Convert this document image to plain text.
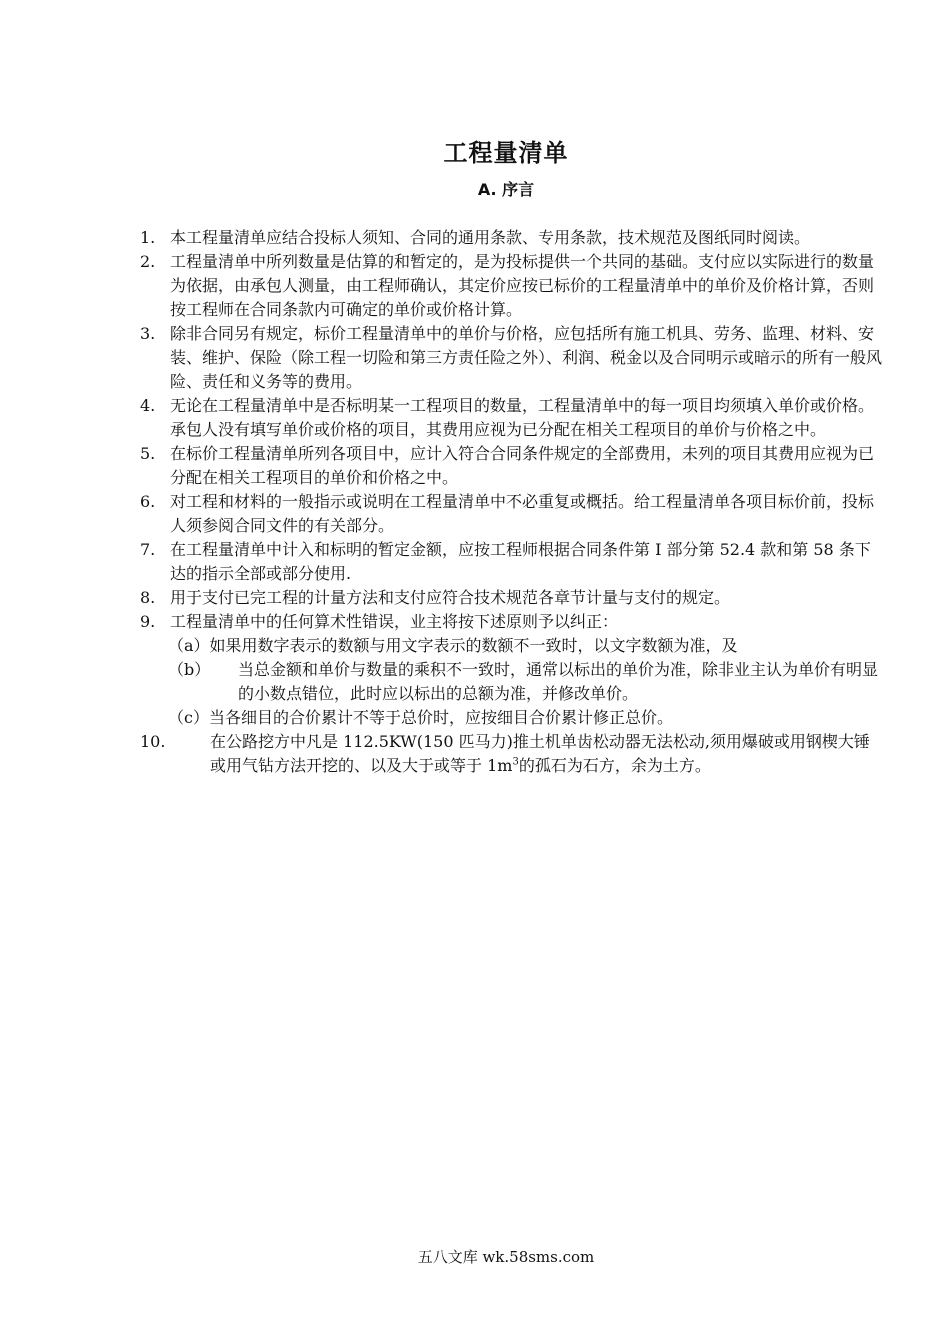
工程量清单
A. 序言
1. 本工程量清单应结合投标人须知、合同的通用条款、专用条款，技术规范及图纸同时阅读。
2. 工程量清单中所列数量是估算的和暂定的，是为投标提供一个共同的基础。支付应以实际进行的数量为依据，由承包人测量，由工程师确认，其定价应按已标价的工程量清单中的单价及价格计算，否则按工程师在合同条款内可确定的单价或价格计算。
3. 除非合同另有规定，标价工程量清单中的单价与价格，应包括所有施工机具、劳务、监理、材料、安装、维护、保险（除工程一切险和第三方责任险之外）、利润、税金以及合同明示或暗示的所有一般风险、责任和义务等的费用。
4. 无论在工程量清单中是否标明某一工程项目的数量，工程量清单中的每一项目均须填入单价或价格。承包人没有填写单价或价格的项目，其费用应视为已分配在相关工程项目的单价与价格之中。
5. 在标价工程量清单所列各项目中，应计入符合合同条件规定的全部费用，未列的项目其费用应视为已分配在相关工程项目的单价和价格之中。
6. 对工程和材料的一般指示或说明在工程量清单中不必重复或概括。给工程量清单各项目标价前，投标人须参阅合同文件的有关部分。
7. 在工程量清单中计入和标明的暂定金额，应按工程师根据合同条件第 I 部分第 52.4 款和第 58 条下达的指示全部或部分使用.
8. 用于支付已完工程的计量方法和支付应符合技术规范各章节计量与支付的规定。
9. 工程量清单中的任何算术性错误，业主将按下述原则予以纠正：
（a） 如果用数字表示的数额与用文字表示的数额不一致时，以文字数额为准，及
（b）	当总金额和单价与数量的乘积不一致时，通常以标出的单价为准，除非业主认为单价有明显的小数点错位，此时应以标出的总额为准，并修改单价。
（c） 当各细目的合价累计不等于总价时，应按细目合价累计修正总价。
10.	在公路挖方中凡是 112.5KW(150 匹马力)推土机单齿松动器无法松动,须用爆破或用钢楔大锤或用气钻方法开挖的、以及大于或等于 $1m^3$的孤石为石方，余为土方。
五八文库 wk.58sms.com
